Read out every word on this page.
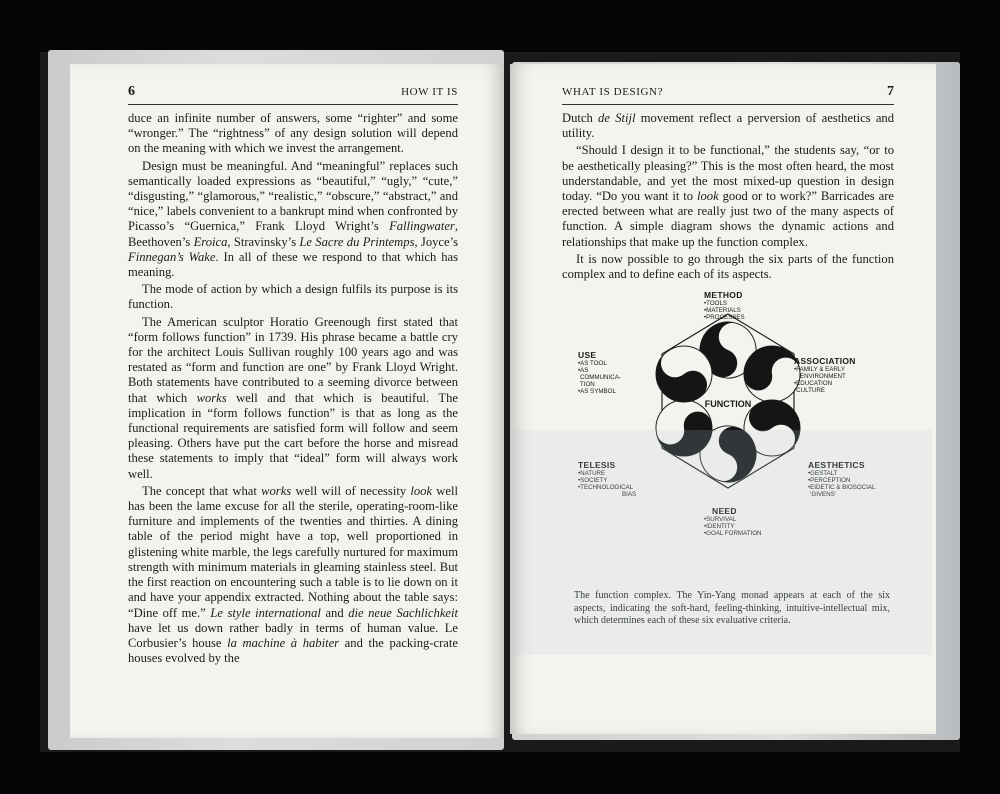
6	HOW IT IS

duce an infinite number of answers, some “righter” and some “wronger.” The “rightness” of any design solution will depend on the meaning with which we invest the arrangement.

Design must be meaningful. And “meaningful” replaces such semantically loaded expressions as “beautiful,” “ugly,” “cute,” “disgusting,” “glamorous,” “realistic,” “obscure,” “abstract,” and “nice,” labels convenient to a bankrupt mind when confronted by Picasso’s “Guernica,” Frank Lloyd Wright’s Fallingwater, Beethoven’s Eroica, Stravinsky’s Le Sacre du Printemps, Joyce’s Finnegan’s Wake. In all of these we respond to that which has meaning.

The mode of action by which a design fulfils its purpose is its function.

The American sculptor Horatio Greenough first stated that “form follows function” in 1739. His phrase became a battle cry for the architect Louis Sullivan roughly 100 years ago and was restated as “form and function are one” by Frank Lloyd Wright. Both statements have contributed to a seeming divorce between that which works well and that which is beautiful. The implication in “form follows function” is that as long as the functional requirements are satisfied form will follow and seem pleasing. Others have put the cart before the horse and misread these statements to imply that “ideal” form will always work well.

The concept that what works well will of necessity look well has been the lame excuse for all the sterile, operating-room-like furniture and implements of the twenties and thirties. A dining table of the period might have a top, well proportioned in glistening white marble, the legs carefully nurtured for maximum strength with minimum materials in gleaming stainless steel. But the first reaction on encountering such a table is to lie down on it and have your appendix extracted. Nothing about the table says: “Dine off me.” Le style international and die neue Sachlichkeit have let us down rather badly in terms of human value. Le Corbusier’s house la machine à habiter and the packing-crate houses evolved by the

WHAT IS DESIGN?	7

Dutch de Stijl movement reflect a perversion of aesthetics and utility.

“Should I design it to be functional,” the students say, “or to be aesthetically pleasing?” This is the most often heard, the most understandable, and yet the most mixed-up question in design today. “Do you want it to look good or to work?” Barricades are erected between what are really just two of the many aspects of function. A simple diagram shows the dynamic actions and relationships that make up the function complex.

It is now possible to go through the six parts of the function complex and to define each of its aspects.

FUNCTION
METHOD
•TOOLS
•MATERIALS
•PROCESSES
ASSOCIATION
•FAMILY & EARLY
ENVIRONMENT
•EDUCATION
•CULTURE
AESTHETICS
•GESTALT
•PERCEPTION
•EIDETIC & BIOSOCIAL
‘GIVENS’
NEED
•SURVIVAL
•IDENTITY
•GOAL FORMATION
TELESIS
•NATURE
•SOCIETY
•TECHNOLOGICAL
BIAS
USE
•AS TOOL
•AS
COMMUNICA-
TION
•AS SYMBOL
The function complex. The Yin-Yang monad appears at each of the six aspects, indicating the soft-hard, feeling-thinking, intuitive-intellectual mix, which determines each of these six evaluative criteria.
